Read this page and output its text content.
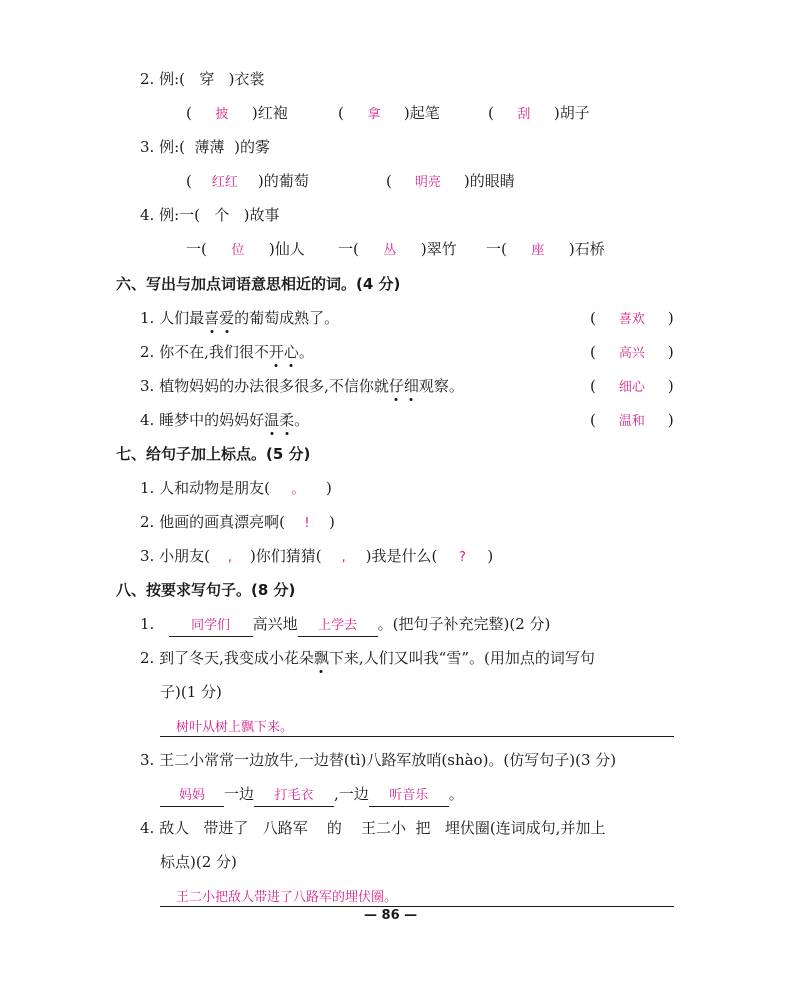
2. 例:( 穿 )衣裳
( 披 )红袍	( 拿 )起笔	( 刮 )胡子
3. 例:( 薄薄 )的雾
( 红红 )的葡萄	( 明亮 )的眼睛
4. 例:一( 个 )故事
一( 位 )仙人 一( 丛 )翠竹 一( 座 )石桥
六、写出与加点词语意思相近的词。(4 分)
1. 人们最喜爱的葡萄成熟了。	( 喜欢 )
2. 你不在,我们很不开心。	( 高兴 )
3. 植物妈妈的办法很多很多,不信你就仔细观察。	( 细心 )
4. 睡梦中的妈妈好温柔。	( 温和 )
七、给句子加上标点。(5 分)
1. 人和动物是朋友( 。 )
2. 他画的画真漂亮啊( ! )
3. 小朋友( , )你们猜猜( , )我是什么( ? )
八、按要求写句子。(8 分)
1.	同学们 高兴地 上学去 。(把句子补充完整)(2 分)
2. 到了冬天,我变成小花朵飘下来,人们又叫我“雪”。(用加点的词写句
子)(1 分)
树叶从树上飘下来。
3. 王二小常常一边放牛,一边替(tì)八路军放哨(shào)。(仿写句子)(3 分)
妈妈 一边 打毛衣 ,一边 听音乐 。
4. 敌人 带进了 八路军 的 王二小 把 埋伏圈(连词成句,并加上
标点)(2 分)
王二小把敌人带进了八路军的埋伏圈。
— 86 —
